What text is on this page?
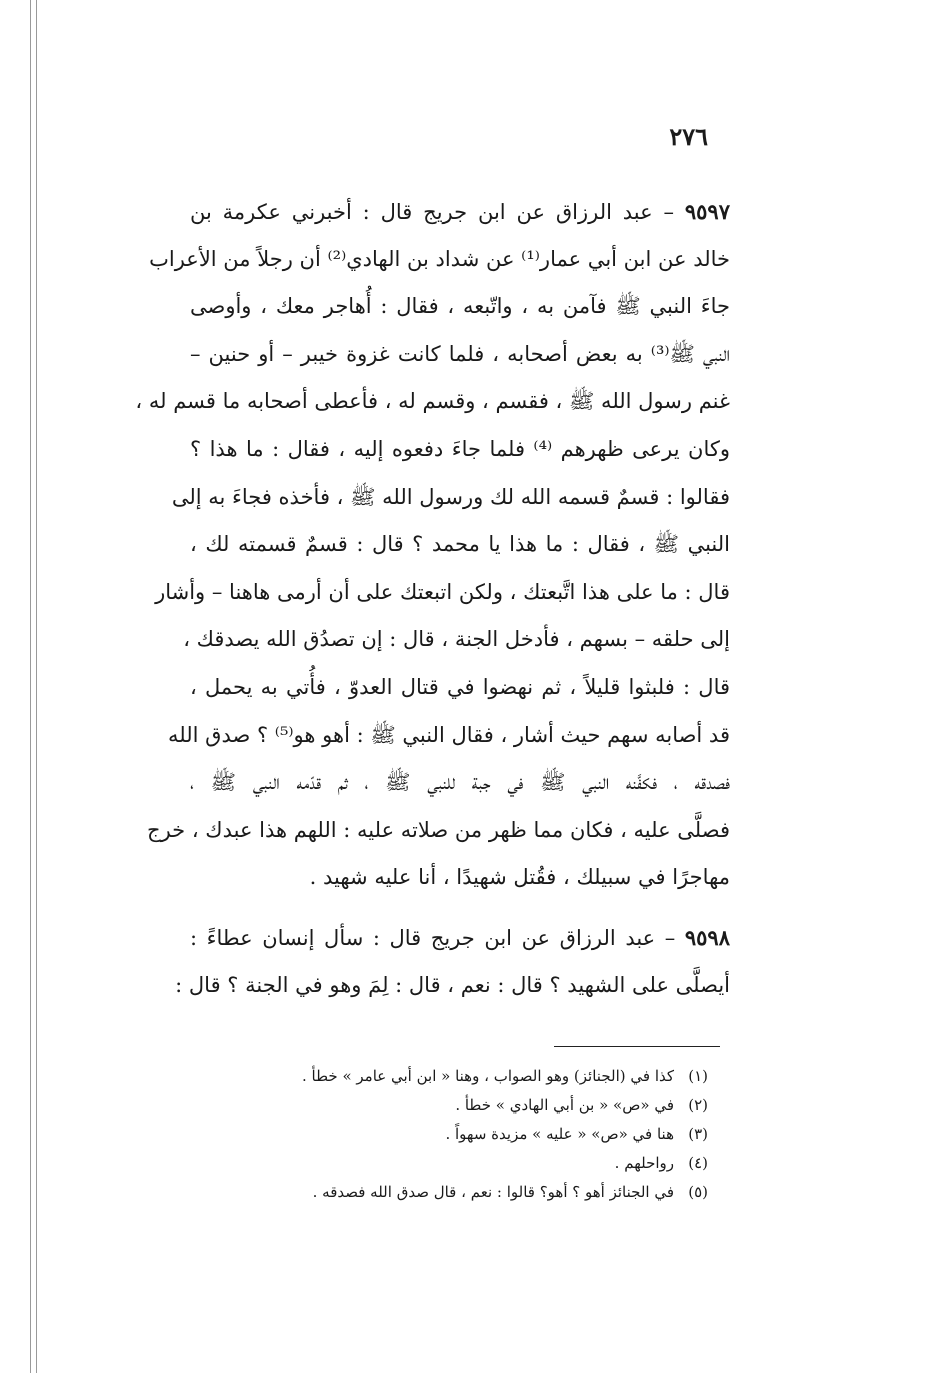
٢٧٦
٩٥٩٧ – عبد الرزاق عن ابن جريج قال : أخبرني عكرمة بن
خالد عن ابن أبي عمار⁽¹⁾ عن شداد بن الهادي⁽²⁾ أن رجلاً من الأعراب
جاءَ النبي ﷺ فآمن به ، واتّبعه ، فقال : أُهاجر معك ، وأوصى
النبي ﷺ⁽³⁾ به بعض أصحابه ، فلما كانت غزوة خيبر – أو حنين –
غنم رسول الله ﷺ ، فقسم ، وقسم له ، فأعطى أصحابه ما قسم له ،
وكان يرعى ظهرهم ⁽⁴⁾ فلما جاءَ دفعوه إليه ، فقال : ما هذا ؟
فقالوا : قسمٌ قسمه الله لك ورسول الله ﷺ ، فأخذه فجاءَ به إلى
النبي ﷺ ، فقال : ما هذا يا محمد ؟ قال : قسمٌ قسمته لك ،
قال : ما على هذا اتَّبعتك ، ولكن اتبعتك على أن أرمى هاهنا – وأشار
إلى حلقه – بسهم ، فأدخل الجنة ، قال : إن تصدُق الله يصدقك ،
قال : فلبثوا قليلاً ، ثم نهضوا في قتال العدوّ ، فأُتي به يحمل ،
قد أصابه سهم حيث أشار ، فقال النبي ﷺ : أهو هو⁽⁵⁾ ؟ صدق الله
فصدقه ، فكفَّنه النبي ﷺ في جبة للنبي ﷺ ، ثم قدّمه النبي ﷺ ،
فصلَّى عليه ، فكان مما ظهر من صلاته عليه : اللهم هذا عبدك ، خرج
مهاجرًا في سبيلك ، فقُتل شهيدًا ، أنا عليه شهيد .
٩٥٩٨ – عبد الرزاق عن ابن جريج قال : سأل إنسان عطاءً :
أيصلَّى على الشهيد ؟ قال : نعم ، قال : لِمَ وهو في الجنة ؟ قال :
(١)كذا في (الجنائز) وهو الصواب ، وهنا « ابن أبي عامر » خطأ .
(٢)في «ص» « بن أبي الهادي » خطأ .
(٣)هنا في «ص» « عليه » مزيدة سهواً .
(٤)رواحلهم .
(٥)في الجنائز أهو ؟ أهو؟ قالوا : نعم ، قال صدق الله فصدقه .
